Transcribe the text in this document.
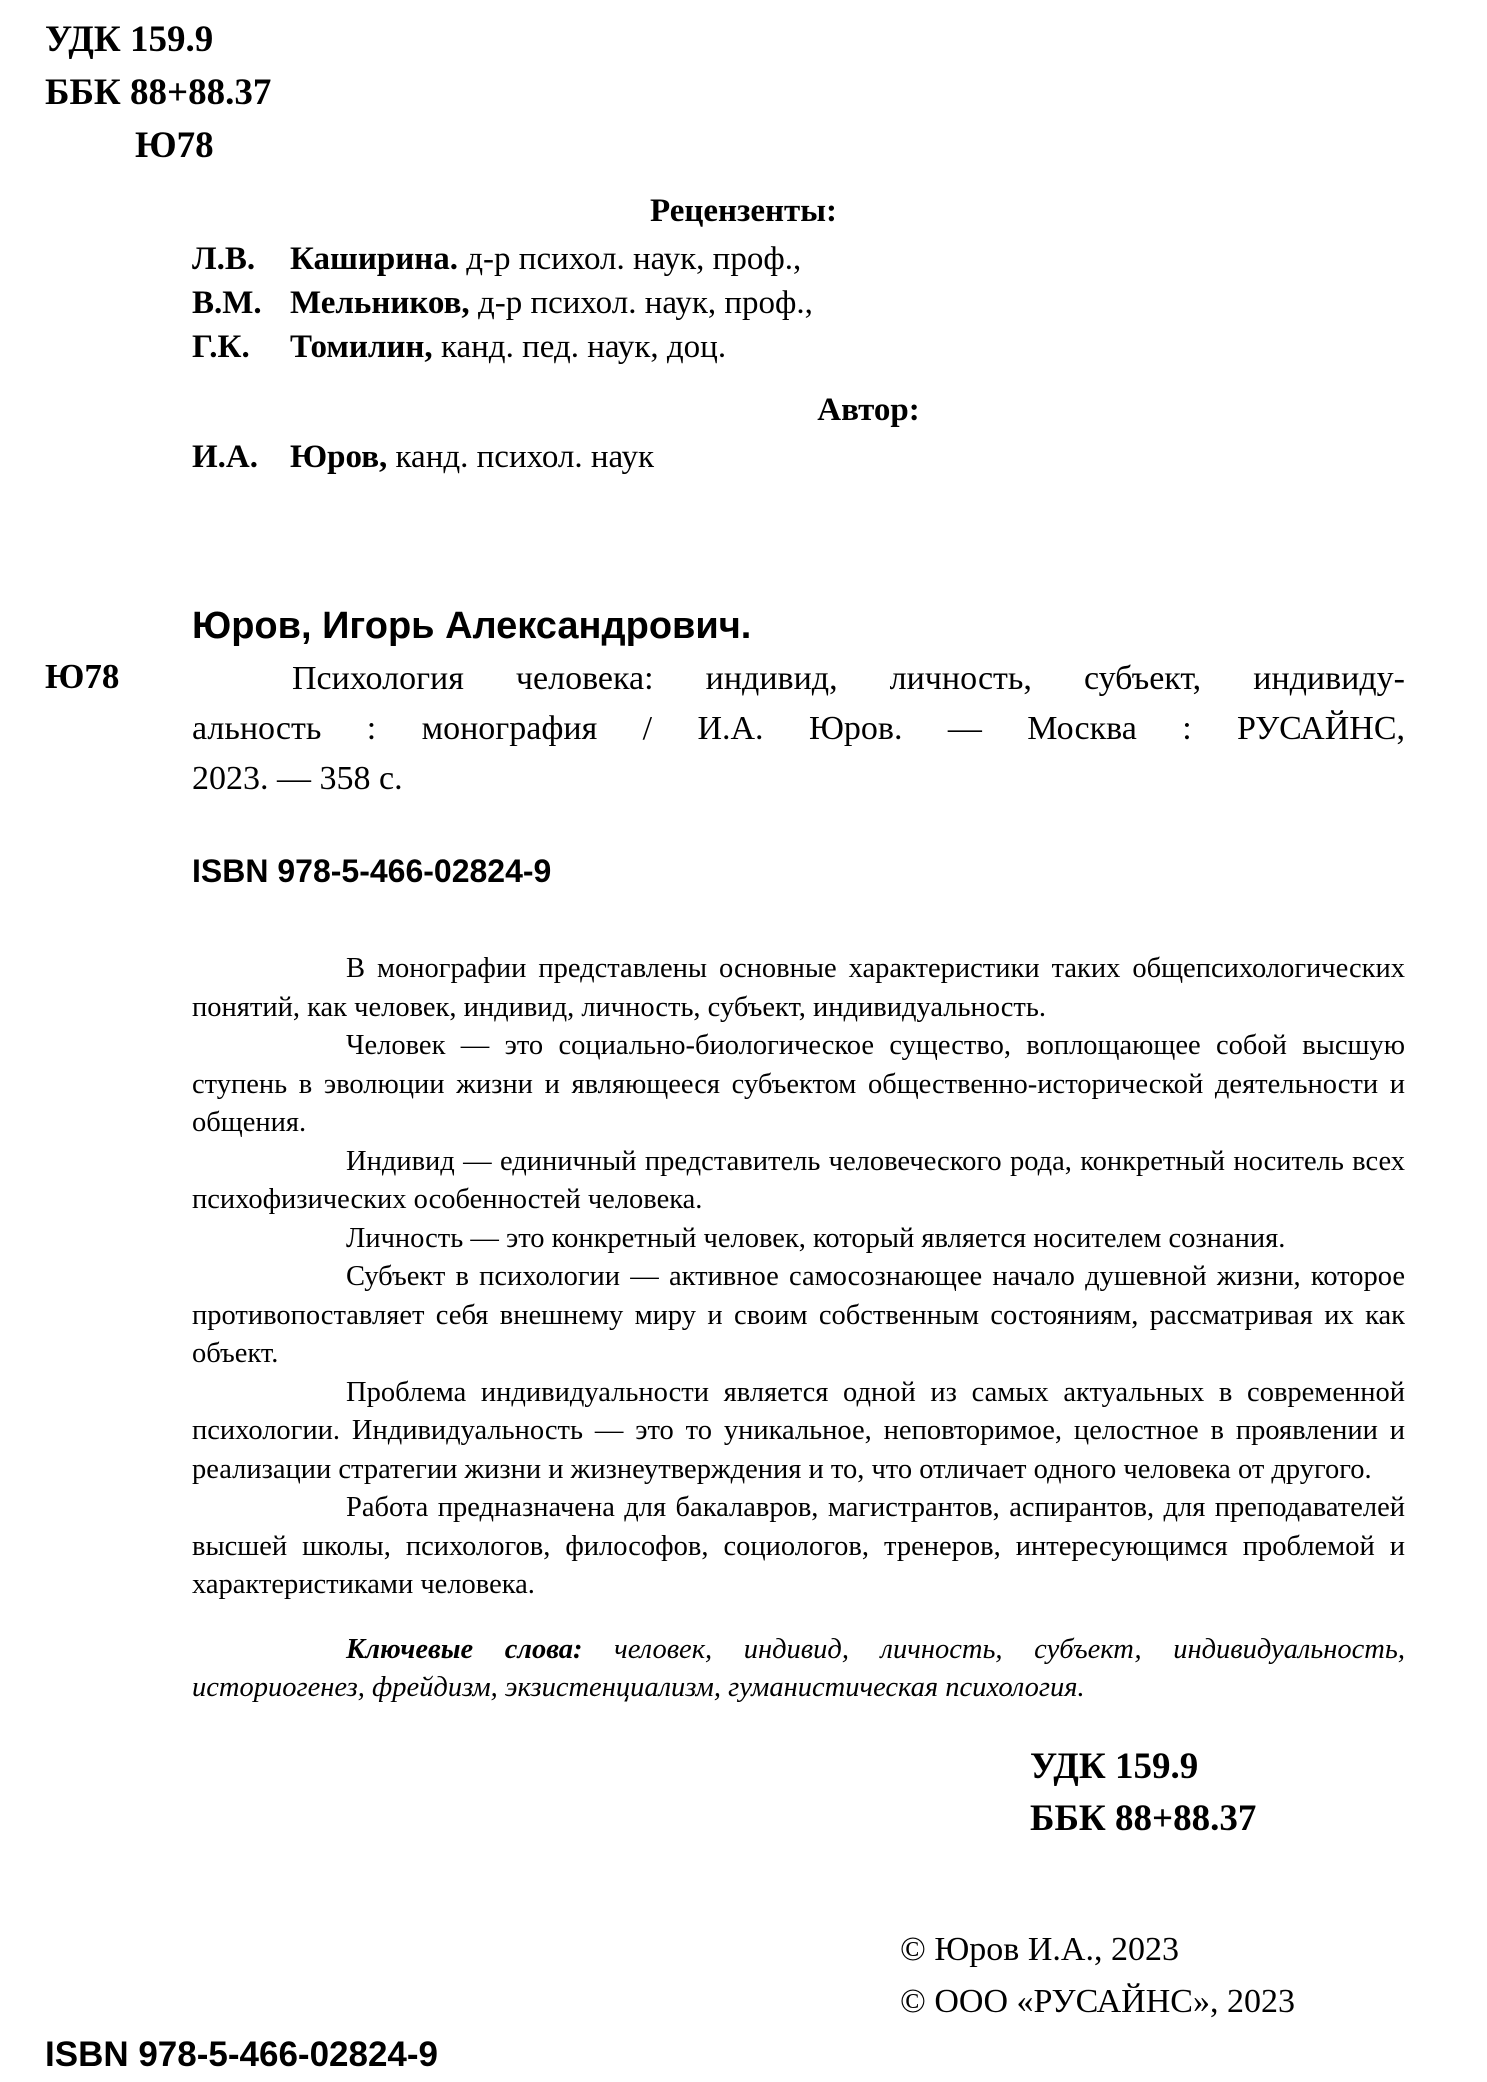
УДК 159.9
ББК 88+88.37
Ю78
Рецензенты:
Л.В. Каширина. д-р психол. наук, проф.,
В.М. Мельников, д-р психол. наук, проф.,
Г.К. Томилин, канд. пед. наук, доц.
Автор:
И.А. Юров, канд. психол. наук
Юров, Игорь Александрович.
Ю78	Психология человека: индивид, личность, субъект, индивиду-
альность : монография / И.А. Юров. — Москва : РУСАЙНС,
2023. — 358 с.
ISBN 978-5-466-02824-9

В монографии представлены основные характеристики таких общепсихологических понятий, как человек, индивид, личность, субъект, индивидуальность.

Человек — это социально-биологическое существо, воплощающее собой высшую ступень в эволюции жизни и являющееся субъектом общественно-исторической деятельности и общения.

Индивид — единичный представитель человеческого рода, конкретный носитель всех психофизических особенностей человека.

Личность — это конкретный человек, который является носителем сознания.

Субъект в психологии — активное самосознающее начало душевной жизни, которое противопоставляет себя внешнему миру и своим собственным состояниям, рассматривая их как объект.

Проблема индивидуальности является одной из самых актуальных в современной психологии. Индивидуальность — это то уникальное, неповторимое, целостное в проявлении и реализации стратегии жизни и жизнеутверждения и то, что отличает одного человека от другого.

Работа предназначена для бакалавров, магистрантов, аспирантов, для преподавателей высшей школы, психологов, философов, социологов, тренеров, интересующимся проблемой и характеристиками человека.

Ключевые слова: человек, индивид, личность, субъект, индивидуальность, историогенез, фрейдизм, экзистенциализм, гуманистическая психология.

УДК 159.9
ББК 88+88.37
© Юров И.А., 2023
© ООО «РУСАЙНС», 2023
ISBN 978-5-466-02824-9
